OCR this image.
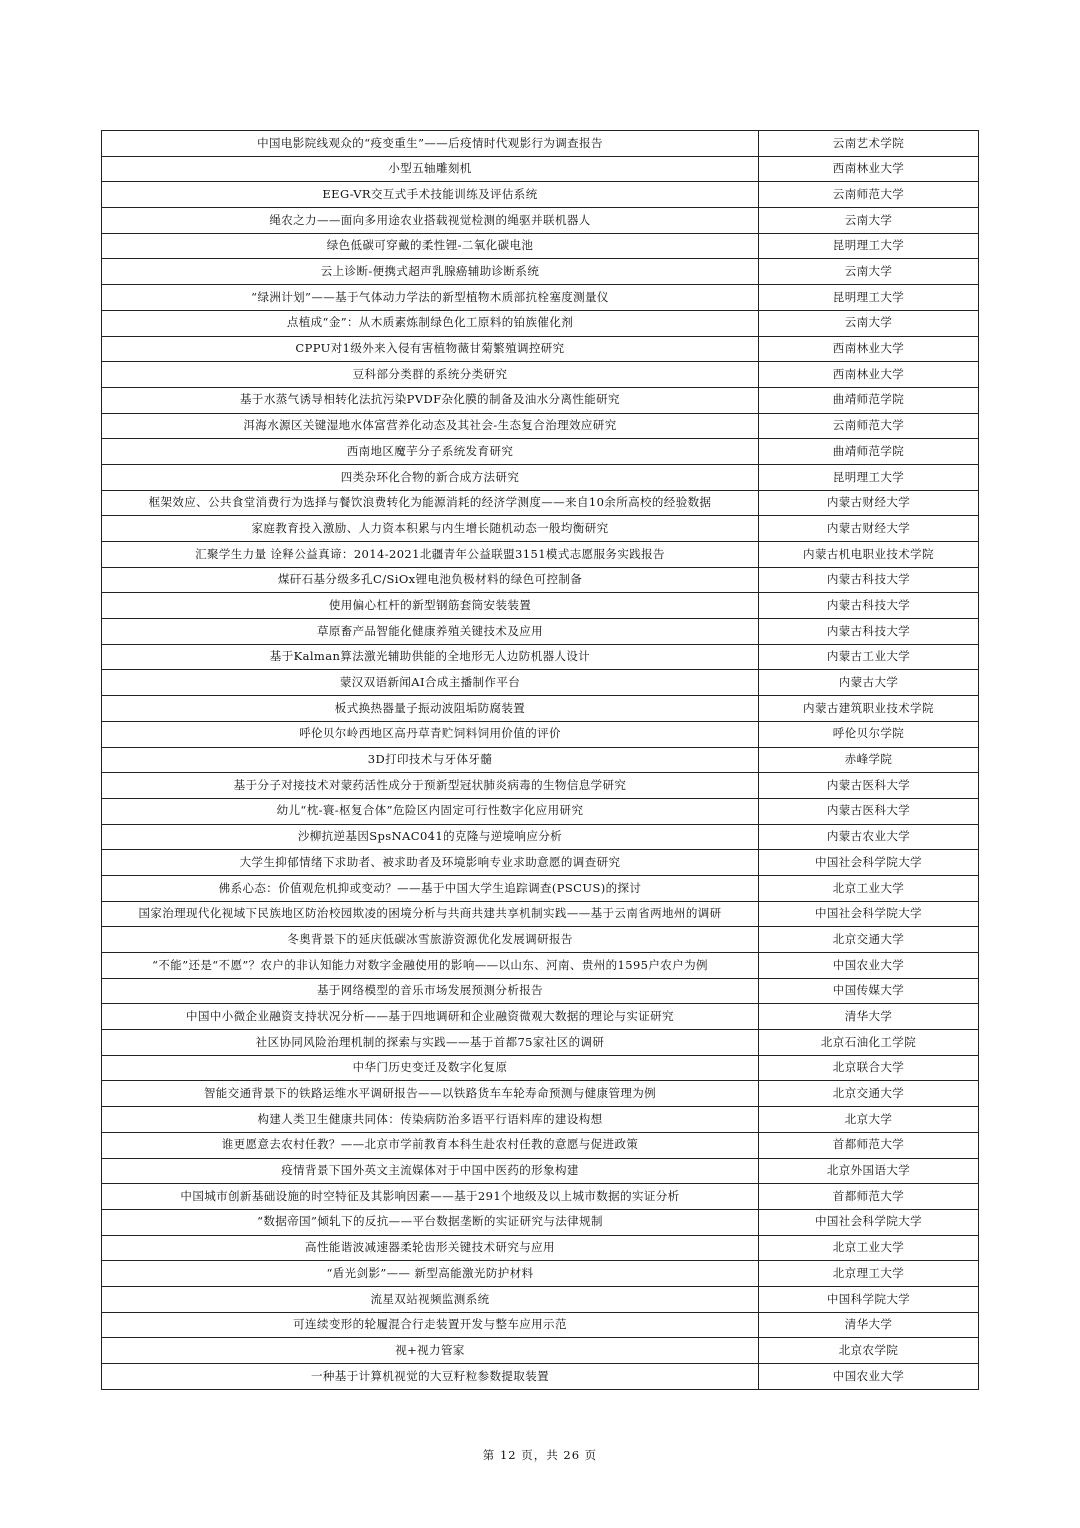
中国电影院线观众的“疫变重生”——后疫情时代观影行为调查报告	云南艺术学院
小型五轴雕刻机	西南林业大学
EEG-VR交互式手术技能训练及评估系统	云南师范大学
绳农之力——面向多用途农业搭载视觉检测的绳驱并联机器人	云南大学
绿色低碳可穿戴的柔性锂-二氧化碳电池	昆明理工大学
云上诊断-便携式超声乳腺癌辅助诊断系统	云南大学
“绿洲计划”——基于气体动力学法的新型植物木质部抗栓塞度测量仪	昆明理工大学
点植成“金”：从木质素炼制绿色化工原料的铂族催化剂	云南大学
CPPU对1级外来入侵有害植物薇甘菊繁殖调控研究	西南林业大学
豆科部分类群的系统分类研究	西南林业大学
基于水蒸气诱导相转化法抗污染PVDF杂化膜的制备及油水分离性能研究	曲靖师范学院
洱海水源区关键湿地水体富营养化动态及其社会-生态复合治理效应研究	云南师范大学
西南地区魔芋分子系统发育研究	曲靖师范学院
四类杂环化合物的新合成方法研究	昆明理工大学
框架效应、公共食堂消费行为选择与餐饮浪费转化为能源消耗的经济学测度——来自10余所高校的经验数据	内蒙古财经大学
家庭教育投入激励、人力资本积累与内生增长随机动态一般均衡研究	内蒙古财经大学
汇聚学生力量 诠释公益真谛：2014-2021北疆青年公益联盟3151模式志愿服务实践报告	内蒙古机电职业技术学院
煤矸石基分级多孔C/SiOx锂电池负极材料的绿色可控制备	内蒙古科技大学
使用偏心杠杆的新型钢筋套筒安装装置	内蒙古科技大学
草原畜产品智能化健康养殖关键技术及应用	内蒙古科技大学
基于Kalman算法激光辅助供能的全地形无人边防机器人设计	内蒙古工业大学
蒙汉双语新闻AI合成主播制作平台	内蒙古大学
板式换热器量子振动波阻垢防腐装置	内蒙古建筑职业技术学院
呼伦贝尔岭西地区高丹草青贮饲料饲用价值的评价	呼伦贝尔学院
3D打印技术与牙体牙髓	赤峰学院
基于分子对接技术对蒙药活性成分于预新型冠状肺炎病毒的生物信息学研究	内蒙古医科大学
幼儿“枕-寰-枢复合体”危险区内固定可行性数字化应用研究	内蒙古医科大学
沙柳抗逆基因SpsNAC041的克隆与逆境响应分析	内蒙古农业大学
大学生抑郁情绪下求助者、被求助者及环境影响专业求助意愿的调查研究	中国社会科学院大学
佛系心态：价值观危机抑或变动？——基于中国大学生追踪调查(PSCUS)的探讨	北京工业大学
国家治理现代化视域下民族地区防治校园欺凌的困境分析与共商共建共享机制实践——基于云南省两地州的调研	中国社会科学院大学
冬奥背景下的延庆低碳冰雪旅游资源优化发展调研报告	北京交通大学
“不能”还是“不愿”？农户的非认知能力对数字金融使用的影响——以山东、河南、贵州的1595户农户为例	中国农业大学
基于网络模型的音乐市场发展预测分析报告	中国传媒大学
中国中小微企业融资支持状况分析——基于四地调研和企业融资微观大数据的理论与实证研究	清华大学
社区协同风险治理机制的探索与实践——基于首都75家社区的调研	北京石油化工学院
中华门历史变迁及数字化复原	北京联合大学
智能交通背景下的铁路运维水平调研报告——以铁路货车车轮寿命预测与健康管理为例	北京交通大学
构建人类卫生健康共同体：传染病防治多语平行语料库的建设构想	北京大学
谁更愿意去农村任教？——北京市学前教育本科生赴农村任教的意愿与促进政策	首都师范大学
疫情背景下国外英文主流媒体对于中国中医药的形象构建	北京外国语大学
中国城市创新基础设施的时空特征及其影响因素——基于291个地级及以上城市数据的实证分析	首都师范大学
“数据帝国”倾轧下的反抗——平台数据垄断的实证研究与法律规制	中国社会科学院大学
高性能谐波减速器柔轮齿形关键技术研究与应用	北京工业大学
“盾光剑影”—— 新型高能激光防护材料	北京理工大学
流星双站视频监测系统	中国科学院大学
可连续变形的轮履混合行走装置开发与整车应用示范	清华大学
视+视力管家	北京农学院
一种基于计算机视觉的大豆籽粒参数提取装置	中国农业大学
第 12 页，共 26 页
